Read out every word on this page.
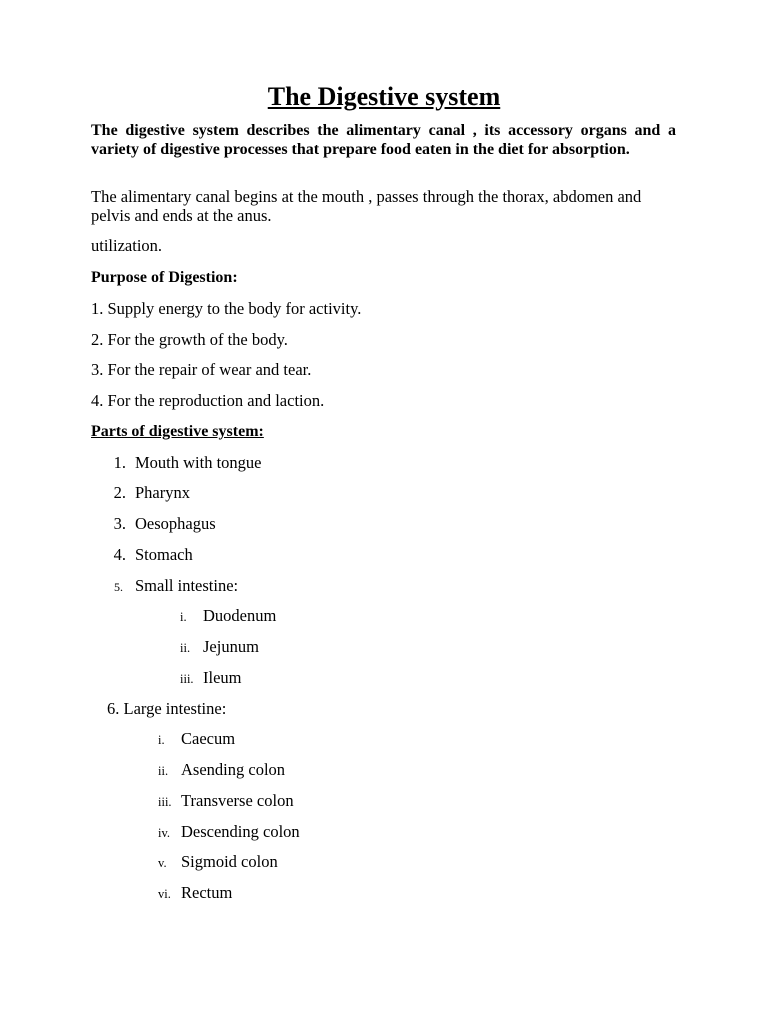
The Digestive system
The digestive system describes the alimentary canal , its accessory organs and a variety of digestive processes that prepare food eaten in the diet for absorption.

The alimentary canal begins at the mouth , passes through the thorax, abdomen and pelvis and ends at the anus.

utilization.

Purpose of Digestion:
1. Supply energy to the body for activity.
2. For the growth of the body.
3. For the repair of wear and tear.
4. For the reproduction and laction.
Parts of digestive system:
1. Mouth with tongue
2. Pharynx
3. Oesophagus
4. Stomach
5. Small intestine:
i. Duodenum
ii. Jejunum
iii. Ileum
6. Large intestine:
i. Caecum
ii. Asending colon
iii. Transverse colon
iv. Descending colon
v. Sigmoid colon
vi. Rectum
